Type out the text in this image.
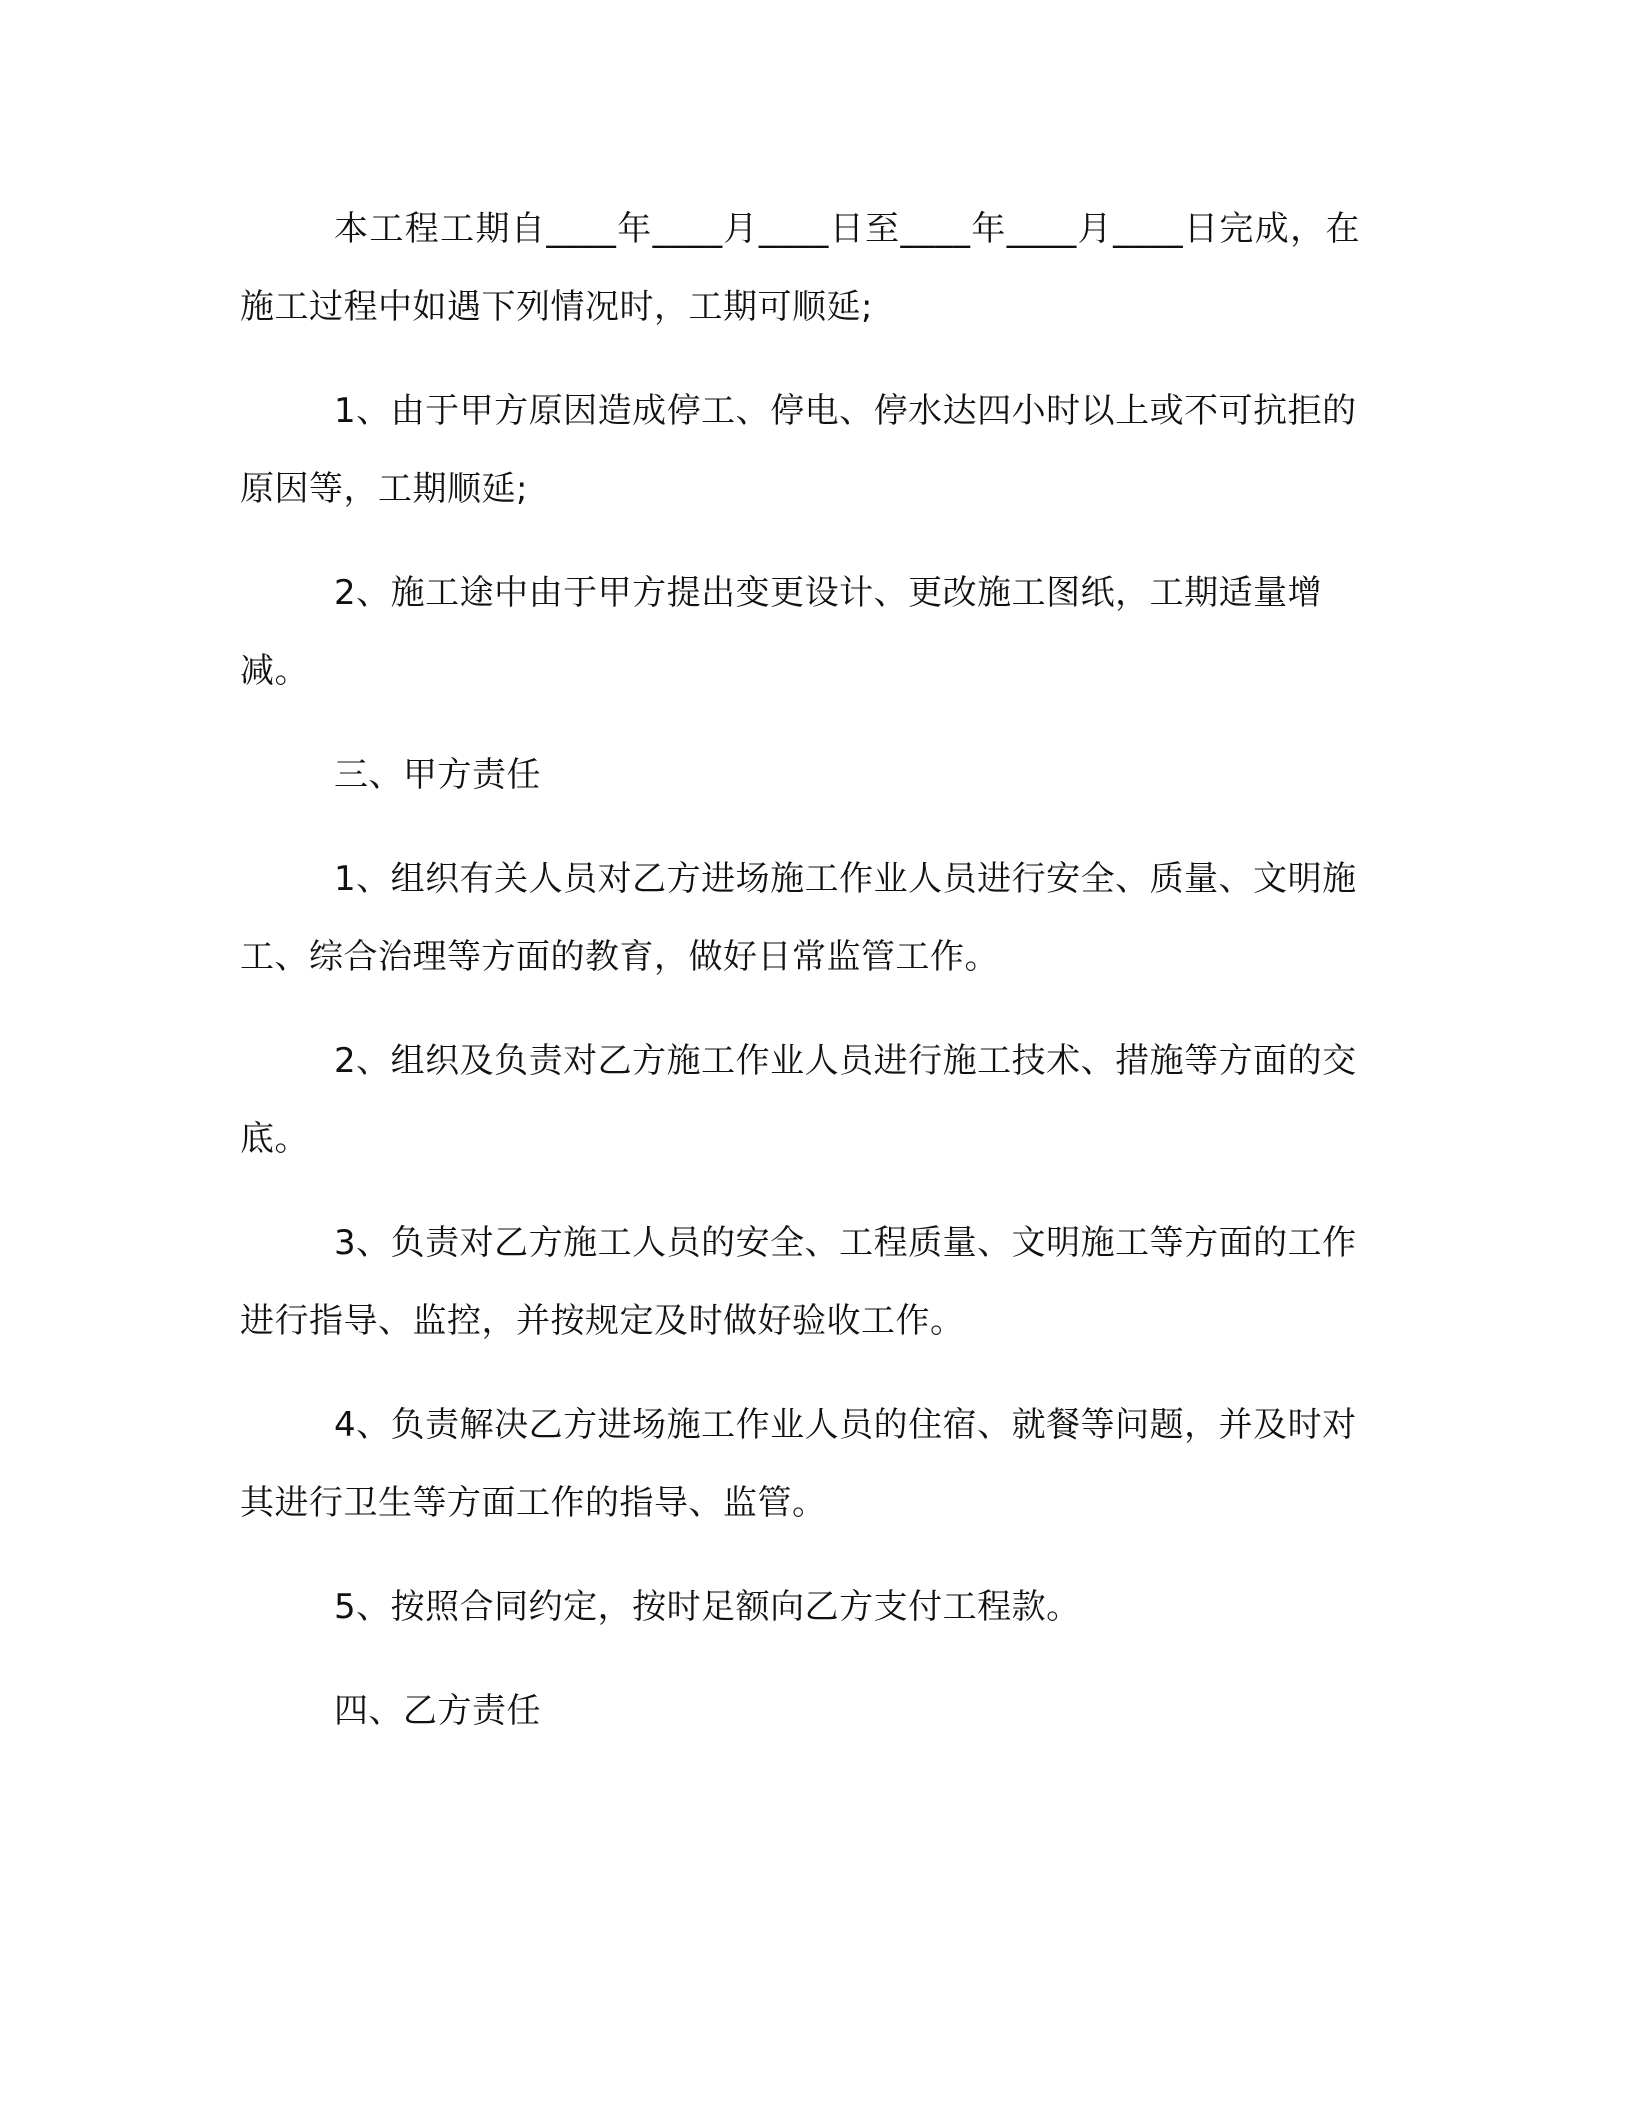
本工程工期自____年____月____日至____年____月____日完成，在施工过程中如遇下列情况时，工期可顺延;

1、由于甲方原因造成停工、停电、停水达四小时以上或不可抗拒的原因等，工期顺延;

2、施工途中由于甲方提出变更设计、更改施工图纸，工期适量增减。

三、甲方责任

1、组织有关人员对乙方进场施工作业人员进行安全、质量、文明施工、综合治理等方面的教育，做好日常监管工作。

2、组织及负责对乙方施工作业人员进行施工技术、措施等方面的交底。

3、负责对乙方施工人员的安全、工程质量、文明施工等方面的工作进行指导、监控，并按规定及时做好验收工作。

4、负责解决乙方进场施工作业人员的住宿、就餐等问题，并及时对其进行卫生等方面工作的指导、监管。

5、按照合同约定，按时足额向乙方支付工程款。

四、乙方责任
